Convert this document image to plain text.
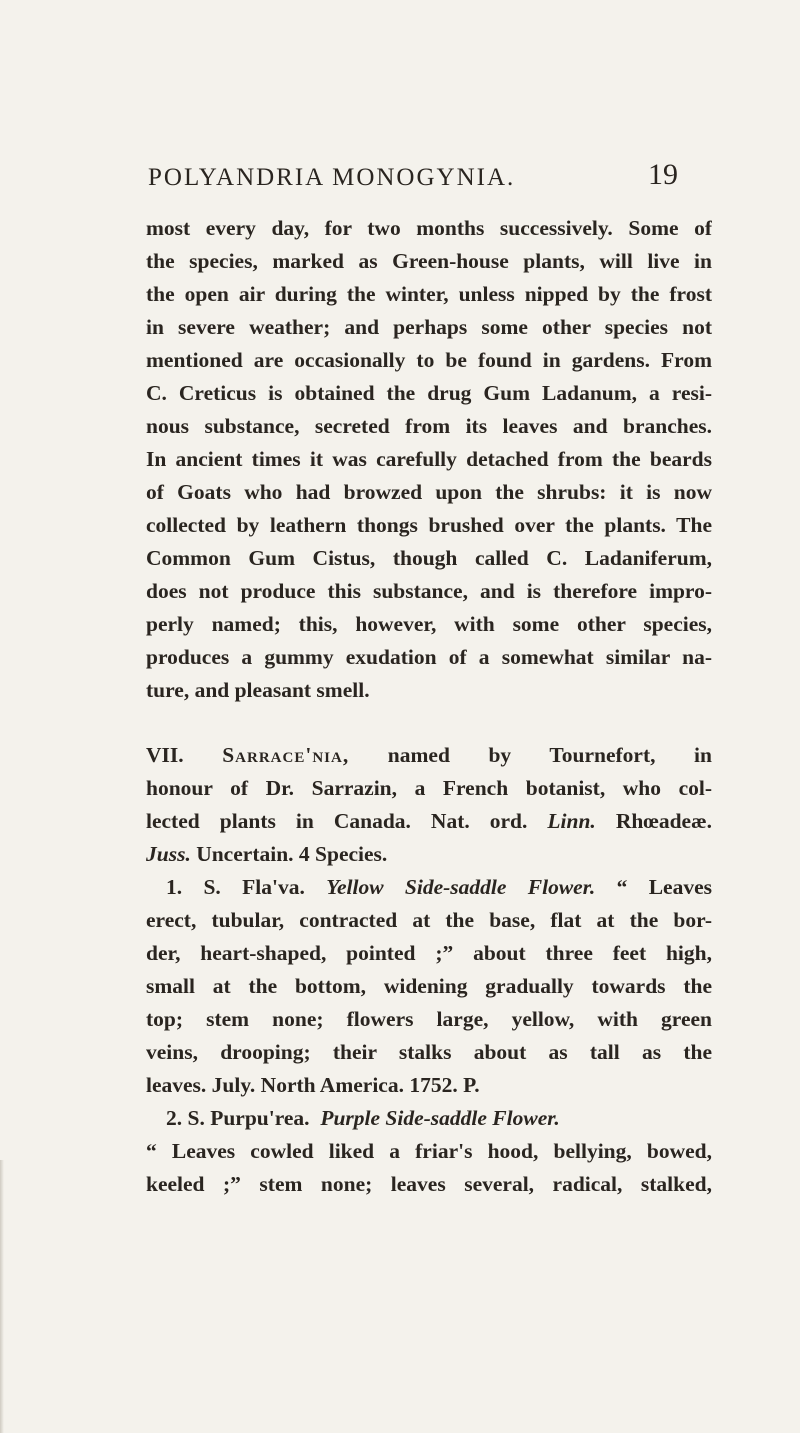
POLYANDRIA MONOGYNIA.	19
most every day, for two months successively. Some of
the species, marked as Green-house plants, will live in
the open air during the winter, unless nipped by the frost
in severe weather; and perhaps some other species not
mentioned are occasionally to be found in gardens. From
C. Creticus is obtained the drug Gum Ladanum, a resi-
nous substance, secreted from its leaves and branches.
In ancient times it was carefully detached from the beards
of Goats who had browzed upon the shrubs: it is now
collected by leathern thongs brushed over the plants. The
Common Gum Cistus, though called C. Ladaniferum,
does not produce this substance, and is therefore impro-
perly named; this, however, with some other species,
produces a gummy exudation of a somewhat similar na-
ture, and pleasant smell.
VII. Sarrace'nia, named by Tournefort, in
honour of Dr. Sarrazin, a French botanist, who col-
lected plants in Canada. Nat. ord. Linn. Rhœadeæ.
Juss. Uncertain. 4 Species.
1. S. Fla'va. Yellow Side-saddle Flower. “ Leaves
erect, tubular, contracted at the base, flat at the bor-
der, heart-shaped, pointed ;” about three feet high,
small at the bottom, widening gradually towards the
top; stem none; flowers large, yellow, with green
veins, drooping; their stalks about as tall as the
leaves. July. North America. 1752. P.
2. S. Purpu'rea. Purple Side-saddle Flower.
“ Leaves cowled liked a friar's hood, bellying, bowed,
keeled ;” stem none; leaves several, radical, stalked,
